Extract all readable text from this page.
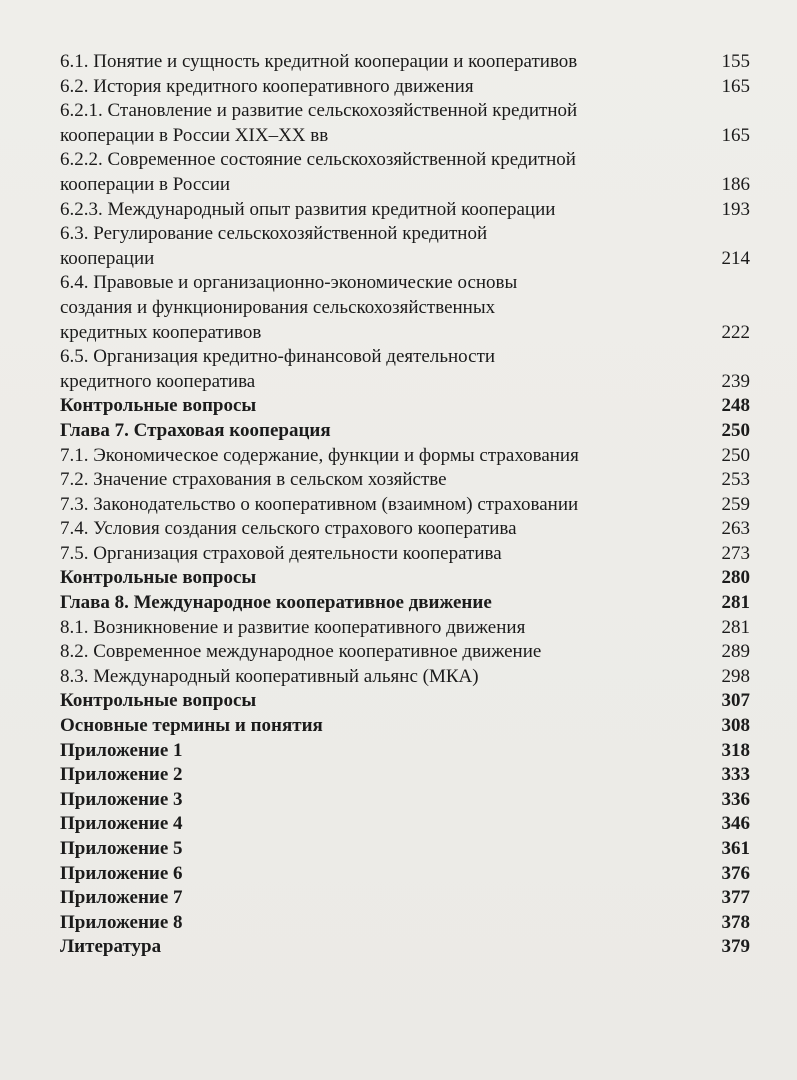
6.1. Понятие и сущность кредитной кооперации и кооперативов	155
6.2. История кредитного кооперативного движения	165
6.2.1. Становление и развитие сельскохозяйственной кредитной
кооперации в России XIX–XX вв	165
6.2.2. Современное состояние сельскохозяйственной кредитной
кооперации в России	186
6.2.3. Международный опыт развития кредитной кооперации	193
6.3. Регулирование сельскохозяйственной кредитной
кооперации	214
6.4. Правовые и организационно-экономические основы
создания и функционирования сельскохозяйственных
кредитных кооперативов	222
6.5. Организация кредитно-финансовой деятельности
кредитного кооператива	239
Контрольные вопросы	248
Глава 7. Страховая кооперация	250
7.1. Экономическое содержание, функции и формы страхования	250
7.2. Значение страхования в сельском хозяйстве	253
7.3. Законодательство о кооперативном (взаимном) страховании	259
7.4. Условия создания сельского страхового кооператива	263
7.5. Организация страховой деятельности кооператива	273
Контрольные вопросы	280
Глава 8. Международное кооперативное движение	281
8.1. Возникновение и развитие кооперативного движения	281
8.2. Современное международное кооперативное движение	289
8.3. Международный кооперативный альянс (МКА)	298
Контрольные вопросы	307
Основные термины и понятия	308
Приложение 1	318
Приложение 2	333
Приложение 3	336
Приложение 4	346
Приложение 5	361
Приложение 6	376
Приложение 7	377
Приложение 8	378
Литература	379
